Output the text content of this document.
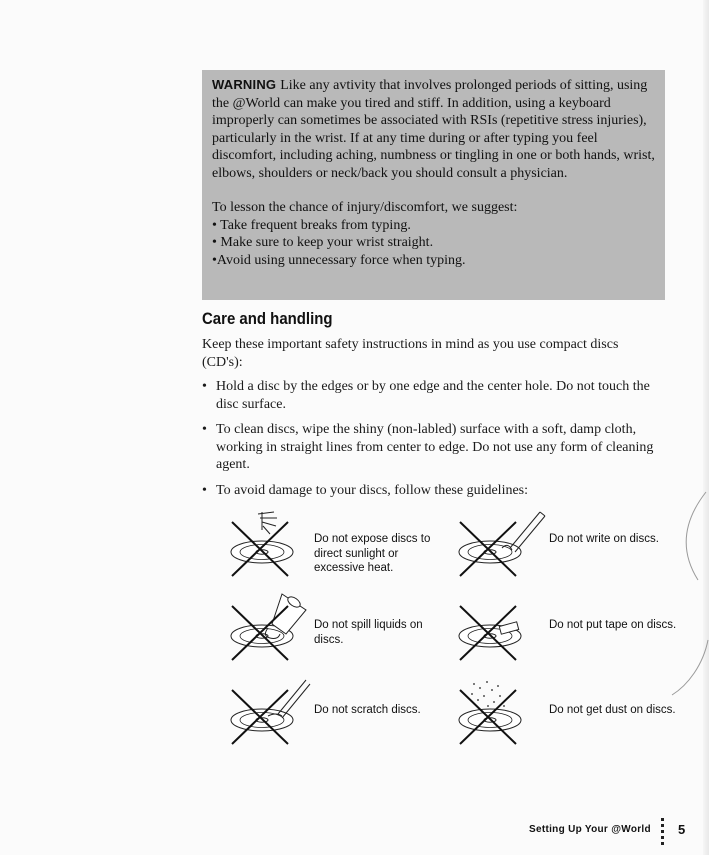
WARNING Like any avtivity that involves prolonged periods of sitting, using the @World can make you tired and stiff. In addition, using a keyboard improperly can sometimes be associated with RSIs (repetitive stress injuries), particularly in the wrist. If at any time during or after typing you feel discomfort, including aching, numbness or tingling in one or both hands, wrist, elbows, shoulders or neck/back you should consult a physician.

To lesson the chance of injury/discomfort, we suggest:

• Take frequent breaks from typing.

• Make sure to keep your wrist straight.

•Avoid using unnecessary force when typing.

Care and handling

Keep these important safety instructions in mind as you use compact discs (CD's):

• Hold a disc by the edges or by one edge and the center hole. Do not touch the disc surface.
• To clean discs, wipe the shiny (non-labled) surface with a soft, damp cloth, working in straight lines from center to edge. Do not use any form of cleaning agent.
• To avoid damage to your discs, follow these guidelines:
Do not expose discs to direct sunlight or excessive heat.
Do not write on discs.
Do not spill liquids on discs.
Do not put tape on discs.
Do not scratch discs.	Do not get dust on discs.
Setting Up Your @World 5
